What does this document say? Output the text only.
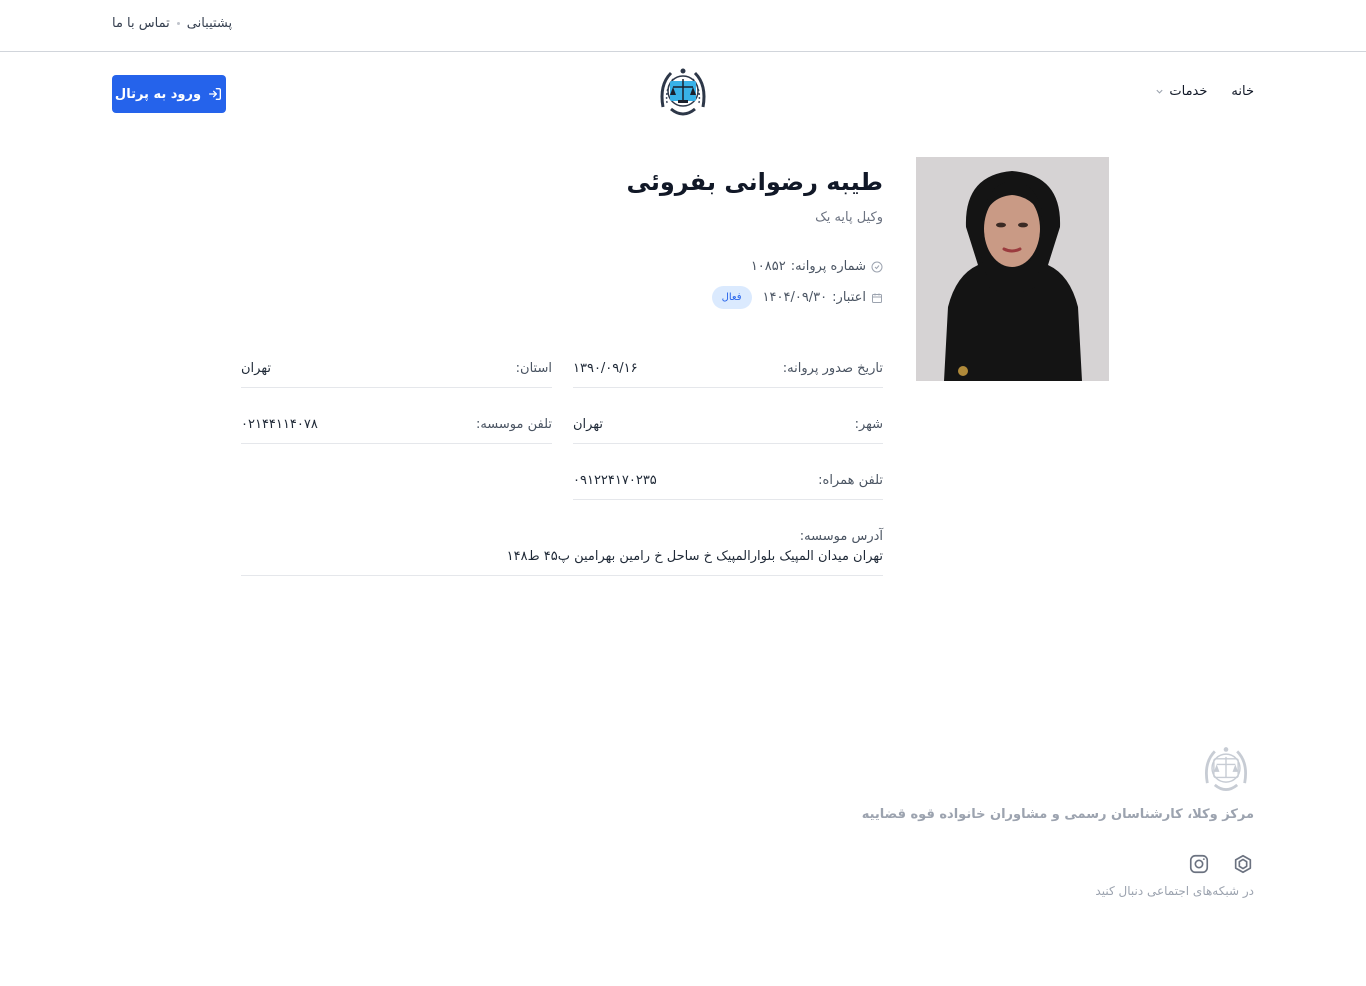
پشتیبانی
تماس با ما
ورود به پرتال	خانه
خدمات
طیبه رضوانی بفروئی
وکیل پایه یک
شماره پروانه:
۱۰۸۵۲
اعتبار:
۱۴۰۴/۰۹/۳۰
فعال
تاریخ صدور پروانه:
۱۳۹۰/۰۹/۱۶
استان:
تهران
شهر:
تهران
تلفن موسسه:
۰۲۱۴۴۱۱۴۰۷۸
تلفن همراه:
۰۹۱۲۲۴۱۷۰۲۳۵
آدرس موسسه:
تهران میدان المپیک بلوارالمپیک خ ساحل خ رامین بهرامین پ۴۵ ط۱۴۸
مرکز وکلا، کارشناسان رسمی و مشاوران خانواده قوه قضاییه
در شبکه‌های اجتماعی دنبال کنید
